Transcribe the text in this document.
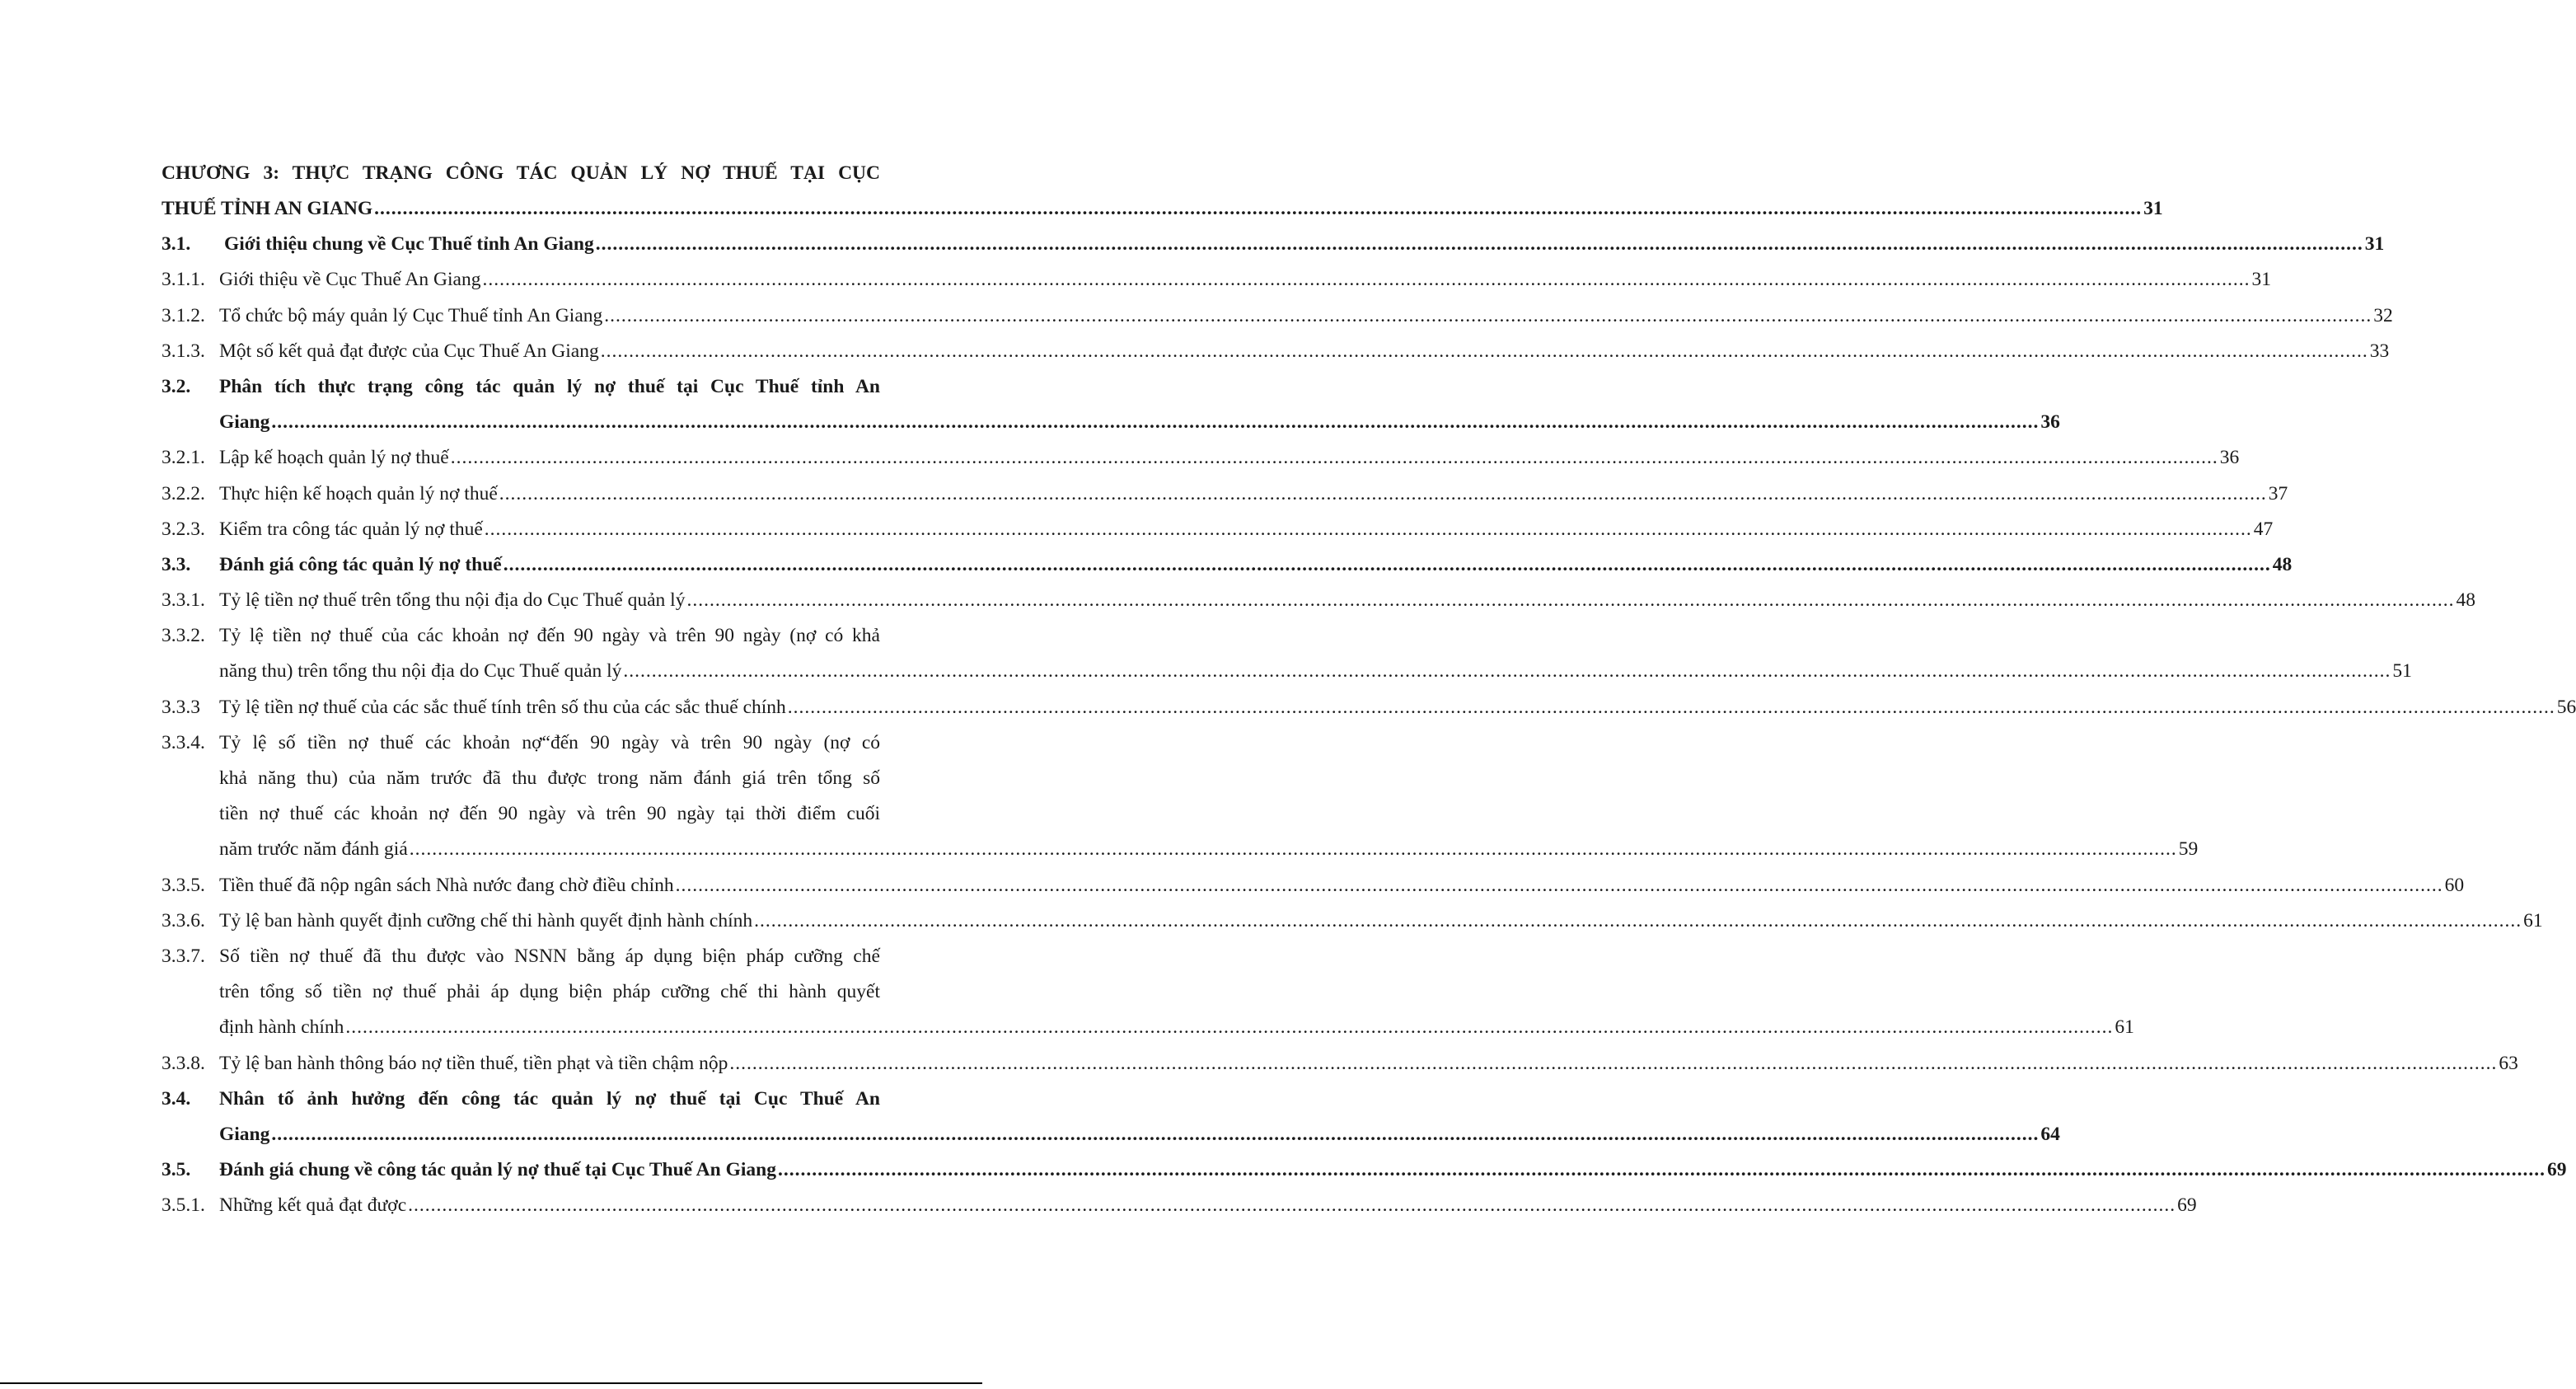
CHƯƠNG 3: THỰC TRẠNG CÔNG TÁC QUẢN LÝ NỢ THUẾ TẠI CỤC
THUẾ TỈNH AN GIANG .....	31
3.1.	Giới thiệu chung về Cục Thuế tỉnh An Giang .....	31
3.1.1. Giới thiệu về Cục Thuế An Giang .....	31
3.1.2. Tổ chức bộ máy quản lý Cục Thuế tỉnh An Giang .....	32
3.1.3. Một số kết quả đạt được của Cục Thuế An Giang .....	33
3.2.	Phân tích thực trạng công tác quản lý nợ thuế tại Cục Thuế tỉnh An
Giang .....	36
3.2.1. Lập kế hoạch quản lý nợ thuế .....	36
3.2.2. Thực hiện kế hoạch quản lý nợ thuế .....	37
3.2.3. Kiểm tra công tác quản lý nợ thuế .....	47
3.3.	Đánh giá công tác quản lý nợ thuế .....	48
3.3.1. Tỷ lệ tiền nợ thuế trên tổng thu nội địa do Cục Thuế quản lý .....	48
3.3.2. Tỷ lệ tiền nợ thuế của các khoản nợ đến 90 ngày và trên 90 ngày (nợ có khả
năng thu) trên tổng thu nội địa do Cục Thuế quản lý .....	51
3.3.3 Tỷ lệ tiền nợ thuế của các sắc thuế tính trên số thu của các sắc thuế chính .....	56
3.3.4. Tỷ lệ số tiền nợ thuế các khoản nợ“đến 90 ngày và trên 90 ngày (nợ có
khả năng thu) của năm trước đã thu được trong năm đánh giá trên tổng số
tiền nợ thuế các khoản nợ đến 90 ngày và trên 90 ngày tại thời điểm cuối
năm trước năm đánh giá .....	59
3.3.5. Tiền thuế đã nộp ngân sách Nhà nước đang chờ điều chỉnh .....	60
3.3.6. Tỷ lệ ban hành quyết định cưỡng chế thi hành quyết định hành chính .....	61
3.3.7. Số tiền nợ thuế đã thu được vào NSNN bằng áp dụng biện pháp cưỡng chế
trên tổng số tiền nợ thuế phải áp dụng biện pháp cưỡng chế thi hành quyết
định hành chính .....	61
3.3.8. Tỷ lệ ban hành thông báo nợ tiền thuế, tiền phạt và tiền chậm nộp .....	63
3.4.	Nhân tố ảnh hưởng đến công tác quản lý nợ thuế tại Cục Thuế An
Giang .....	64
3.5.	Đánh giá chung về công tác quản lý nợ thuế tại Cục Thuế An Giang .....	69
3.5.1. Những kết quả đạt được .....	69
